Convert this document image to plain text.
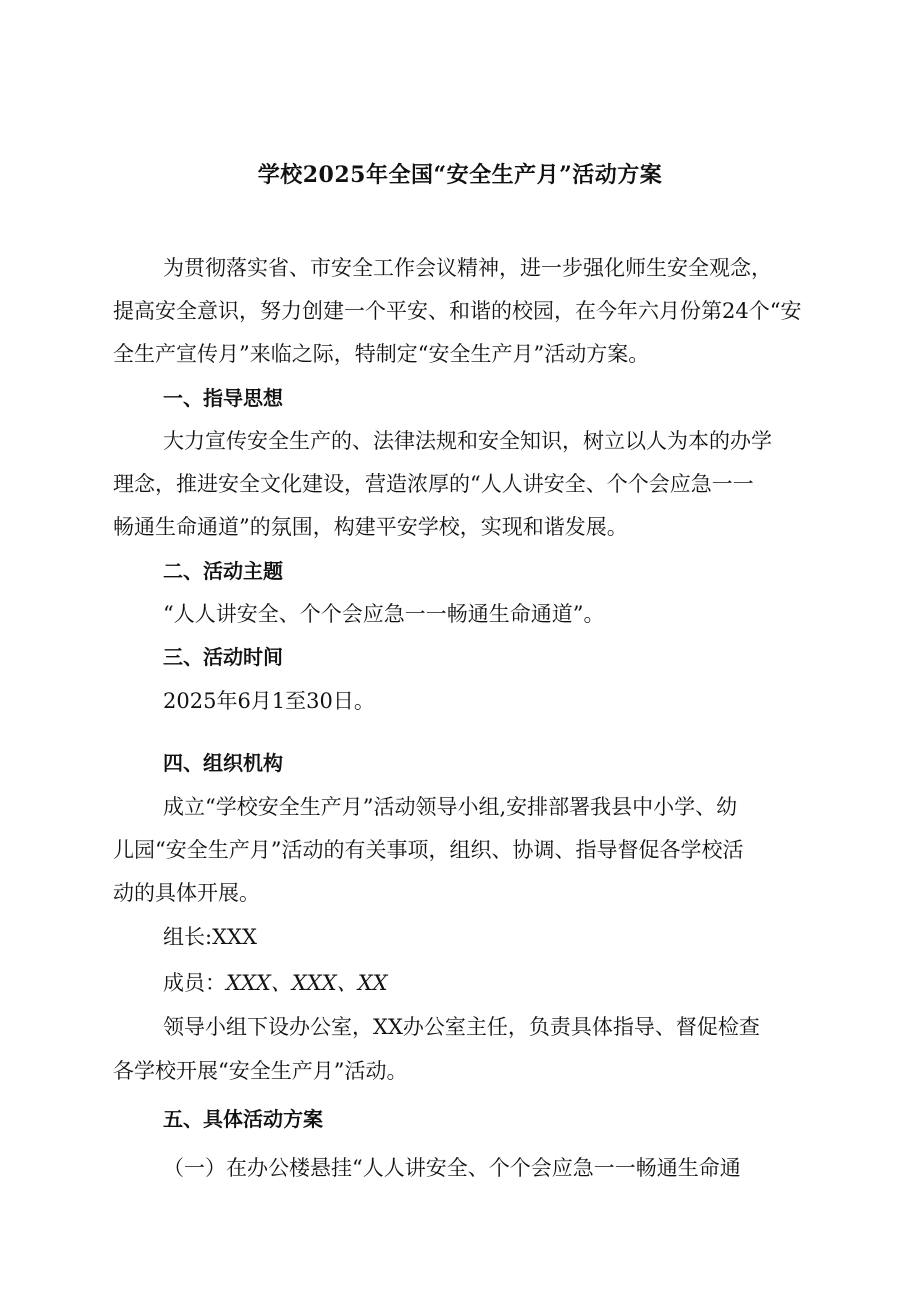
学校2025年全国“安全生产月”活动方案

为贯彻落实省、市安全工作会议精神，进一步强化师生安全观念，

提高安全意识，努力创建一个平安、和谐的校园，在今年六月份第24个“安

全生产宣传月”来临之际，特制定“安全生产月”活动方案。

一、指导思想

大力宣传安全生产的、法律法规和安全知识，树立以人为本的办学

理念，推进安全文化建设，营造浓厚的“人人讲安全、个个会应急一一

畅通生命通道”的氛围，构建平安学校，实现和谐发展。

二、活动主题

“人人讲安全、个个会应急一一畅通生命通道”。

三、活动时间

2025年6月1至30日。

四、组织机构

成立“学校安全生产月”活动领导小组,安排部署我县中小学、幼

儿园“安全生产月”活动的有关事项，组织、协调、指导督促各学校活

动的具体开展。

组长:XXX

成员：XXX、XXX、XX

领导小组下设办公室，XX办公室主任，负责具体指导、督促检查

各学校开展“安全生产月”活动。

五、具体活动方案

（一）在办公楼悬挂“人人讲安全、个个会应急一一畅通生命通
